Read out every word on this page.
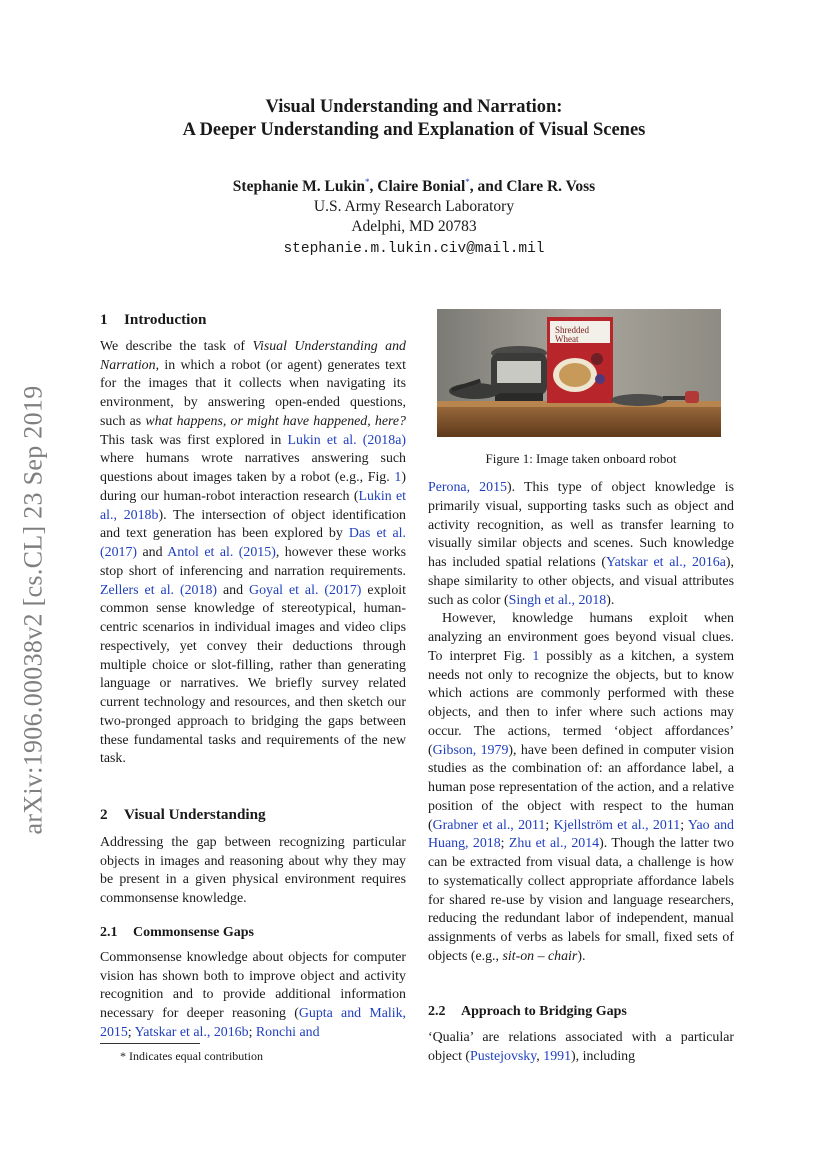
arXiv:1906.00038v2 [cs.CL] 23 Sep 2019
Visual Understanding and Narration:
A Deeper Understanding and Explanation of Visual Scenes
Stephanie M. Lukin*, Claire Bonial*, and Clare R. Voss
U.S. Army Research Laboratory
Adelphi, MD 20783
stephanie.m.lukin.civ@mail.mil
1 Introduction

We describe the task of Visual Understanding and Narration, in which a robot (or agent) generates text for the images that it collects when navigating its environment, by answering open-ended questions, such as what happens, or might have happened, here? This task was first explored in Lukin et al. (2018a) where humans wrote narratives answering such questions about images taken by a robot (e.g., Fig. 1) during our human-robot interaction research (Lukin et al., 2018b). The intersection of object identification and text generation has been explored by Das et al. (2017) and Antol et al. (2015), however these works stop short of inferencing and narration requirements. Zellers et al. (2018) and Goyal et al. (2017) exploit common sense knowledge of stereotypical, human-centric scenarios in individual images and video clips respectively, yet convey their deductions through multiple choice or slot-filling, rather than generating language or narratives. We briefly survey related current technology and resources, and then sketch our two-pronged approach to bridging the gaps between these fundamental tasks and requirements of the new task.

2 Visual Understanding

Addressing the gap between recognizing particular objects in images and reasoning about why they may be present in a given physical environment requires commonsense knowledge.

2.1 Commonsense Gaps

Commonsense knowledge about objects for computer vision has shown both to improve object and activity recognition and to provide additional information necessary for deeper reasoning (Gupta and Malik, 2015; Yatskar et al., 2016b; Ronchi and

* Indicates equal contribution
Shredded
Wheat
Figure 1: Image taken onboard robot

Perona, 2015). This type of object knowledge is primarily visual, supporting tasks such as object and activity recognition, as well as transfer learning to visually similar objects and scenes. Such knowledge has included spatial relations (Yatskar et al., 2016a), shape similarity to other objects, and visual attributes such as color (Singh et al., 2018).

However, knowledge humans exploit when analyzing an environment goes beyond visual clues. To interpret Fig. 1 possibly as a kitchen, a system needs not only to recognize the objects, but to know which actions are commonly performed with these objects, and then to infer where such actions may occur. The actions, termed ‘object affordances’ (Gibson, 1979), have been defined in computer vision studies as the combination of: an affordance label, a human pose representation of the action, and a relative position of the object with respect to the human (Grabner et al., 2011; Kjellström et al., 2011; Yao and Huang, 2018; Zhu et al., 2014). Though the latter two can be extracted from visual data, a challenge is how to systematically collect appropriate affordance labels for shared re-use by vision and language researchers, reducing the redundant labor of independent, manual assignments of verbs as labels for small, fixed sets of objects (e.g., sit-on – chair).

2.2 Approach to Bridging Gaps

‘Qualia’ are relations associated with a particular object (Pustejovsky, 1991), including
